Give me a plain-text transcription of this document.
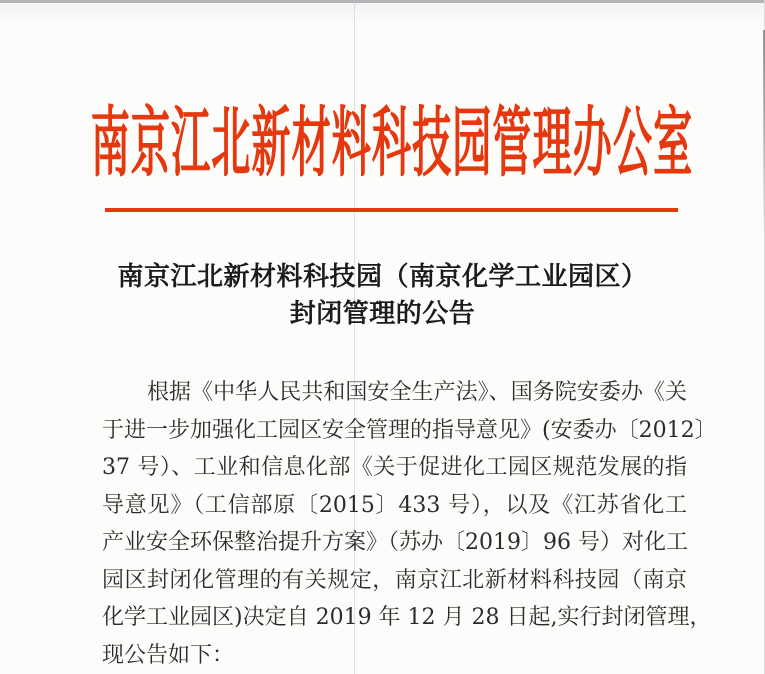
南京江北新材料科技园管理办公室
南京江北新材料科技园（南京化学工业园区）
封闭管理的公告
根据《中华人民共和国安全生产法》、国务院安委办《关
于进一步加强化工园区安全管理的指导意见》(安委办〔2012〕
37 号）、工业和信息化部《关于促进化工园区规范发展的指
导意见》（工信部原〔2015〕433 号），以及《江苏省化工
产业安全环保整治提升方案》（苏办〔2019〕96 号）对化工
园区封闭化管理的有关规定，南京江北新材料科技园（南京
化学工业园区)决定自 2019 年 12 月 28 日起,实行封闭管理，
现公告如下：
